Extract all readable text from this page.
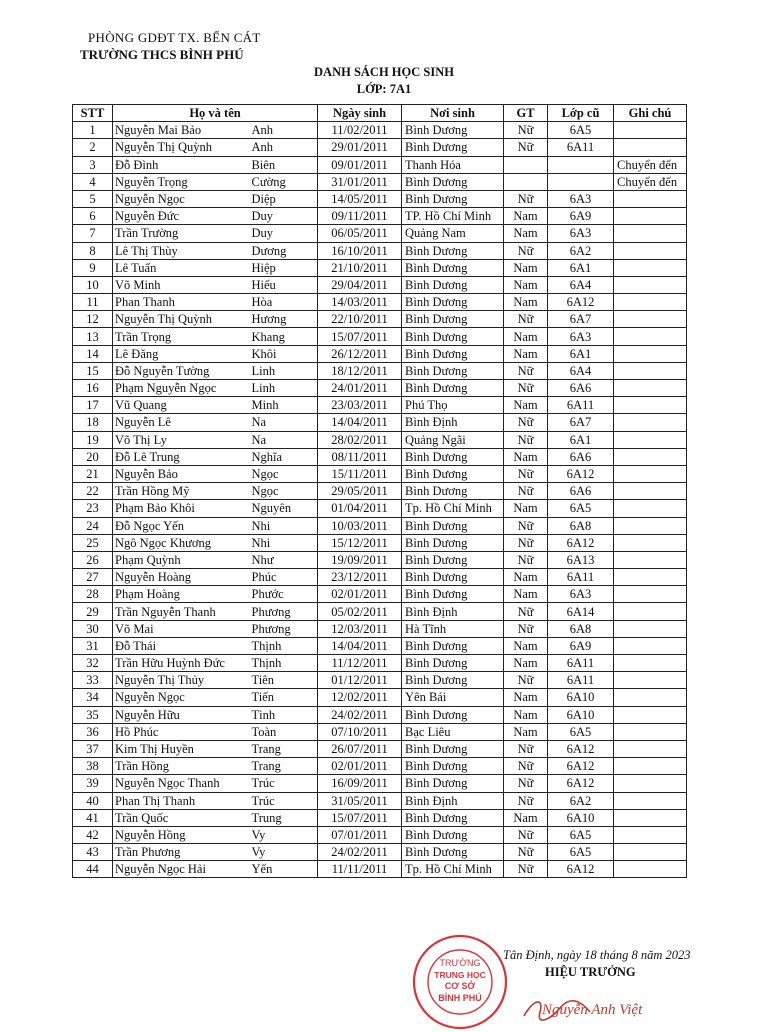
PHÒNG GDĐT TX. BẾN CÁT
TRƯỜNG THCS BÌNH PHÚ
DANH SÁCH HỌC SINH
LỚP: 7A1
STT	Họ và tên		Ngày sinh	Nơi sinh	GT	Lớp cũ	Ghi chú
1	Nguyễn Mai Bảo	Anh	11/02/2011	Bình Dương	Nữ	6A5	
2	Nguyễn Thị Quỳnh	Anh	29/01/2011	Bình Dương	Nữ	6A11	
3	Đỗ Đình	Biên	09/01/2011	Thanh Hóa			Chuyển đến
4	Nguyễn Trọng	Cường	31/01/2011	Bình Dương			Chuyển đến
5	Nguyễn Ngọc	Diệp	14/05/2011	Bình Dương	Nữ	6A3	
6	Nguyễn Đức	Duy	09/11/2011	TP. Hồ Chí Minh	Nam	6A9	
7	Trần Trường	Duy	06/05/2011	Quảng Nam	Nam	6A3	
8	Lê Thị Thùy	Dương	16/10/2011	Bình Dương	Nữ	6A2	
9	Lê Tuấn	Hiệp	21/10/2011	Bình Dương	Nam	6A1	
10	Võ Minh	Hiếu	29/04/2011	Bình Dương	Nam	6A4	
11	Phan Thanh	Hòa	14/03/2011	Bình Dương	Nam	6A12	
12	Nguyễn Thị Quỳnh	Hương	22/10/2011	Bình Dương	Nữ	6A7	
13	Trần Trọng	Khang	15/07/2011	Bình Dương	Nam	6A3	
14	Lê Đăng	Khôi	26/12/2011	Bình Dương	Nam	6A1	
15	Đỗ Nguyễn Tường	Linh	18/12/2011	Bình Dương	Nữ	6A4	
16	Phạm Nguyễn Ngọc	Linh	24/01/2011	Bình Dương	Nữ	6A6	
17	Vũ Quang	Minh	23/03/2011	Phú Thọ	Nam	6A11	
18	Nguyễn Lê	Na	14/04/2011	Bình Định	Nữ	6A7	
19	Võ Thị Ly	Na	28/02/2011	Quảng Ngãi	Nữ	6A1	
20	Đỗ Lê Trung	Nghĩa	08/11/2011	Bình Dương	Nam	6A6	
21	Nguyễn Bảo	Ngọc	15/11/2011	Bình Dương	Nữ	6A12	
22	Trần Hồng Mỹ	Ngọc	29/05/2011	Bình Dương	Nữ	6A6	
23	Phạm Bảo Khôi	Nguyên	01/04/2011	Tp. Hồ Chí Minh	Nam	6A5	
24	Đỗ Ngọc Yến	Nhi	10/03/2011	Bình Dương	Nữ	6A8	
25	Ngô Ngọc Khương	Nhi	15/12/2011	Bình Dương	Nữ	6A12	
26	Phạm Quỳnh	Như	19/09/2011	Bình Dương	Nữ	6A13	
27	Nguyễn Hoàng	Phúc	23/12/2011	Bình Dương	Nam	6A11	
28	Phạm Hoàng	Phước	02/01/2011	Bình Dương	Nam	6A3	
29	Trần Nguyễn Thanh	Phương	05/02/2011	Bình Định	Nữ	6A14	
30	Võ Mai	Phương	12/03/2011	Hà Tĩnh	Nữ	6A8	
31	Đỗ Thái	Thịnh	14/04/2011	Bình Dương	Nam	6A9	
32	Trần Hữu Huỳnh Đức	Thịnh	11/12/2011	Bình Dương	Nam	6A11	
33	Nguyễn Thị Thủy	Tiên	01/12/2011	Bình Dương	Nữ	6A11	
34	Nguyễn Ngọc	Tiến	12/02/2011	Yên Bái	Nam	6A10	
35	Nguyễn Hữu	Tình	24/02/2011	Bình Dương	Nam	6A10	
36	Hồ Phúc	Toàn	07/10/2011	Bạc Liêu	Nam	6A5	
37	Kim Thị Huyền	Trang	26/07/2011	Bình Dương	Nữ	6A12	
38	Trần Hồng	Trang	02/01/2011	Bình Dương	Nữ	6A12	
39	Nguyễn Ngọc Thanh	Trúc	16/09/2011	Bình Dương	Nữ	6A12	
40	Phan Thị Thanh	Trúc	31/05/2011	Bình Định	Nữ	6A2	
41	Trần Quốc	Trung	15/07/2011	Bình Dương	Nam	6A10	
42	Nguyễn Hồng	Vy	07/01/2011	Bình Dương	Nữ	6A5	
43	Trần Phương	Vy	24/02/2011	Bình Dương	Nữ	6A5	
44	Nguyễn Ngọc Hải	Yến	11/11/2011	Tp. Hồ Chí Minh	Nữ	6A12	
TRƯỜNG
TRUNG HỌC
CƠ SỞ
BÌNH PHÚ
Tân Định, ngày 18 tháng 8 năm 2023
HIỆU TRƯỞNG
Nguyễn Anh Việt
